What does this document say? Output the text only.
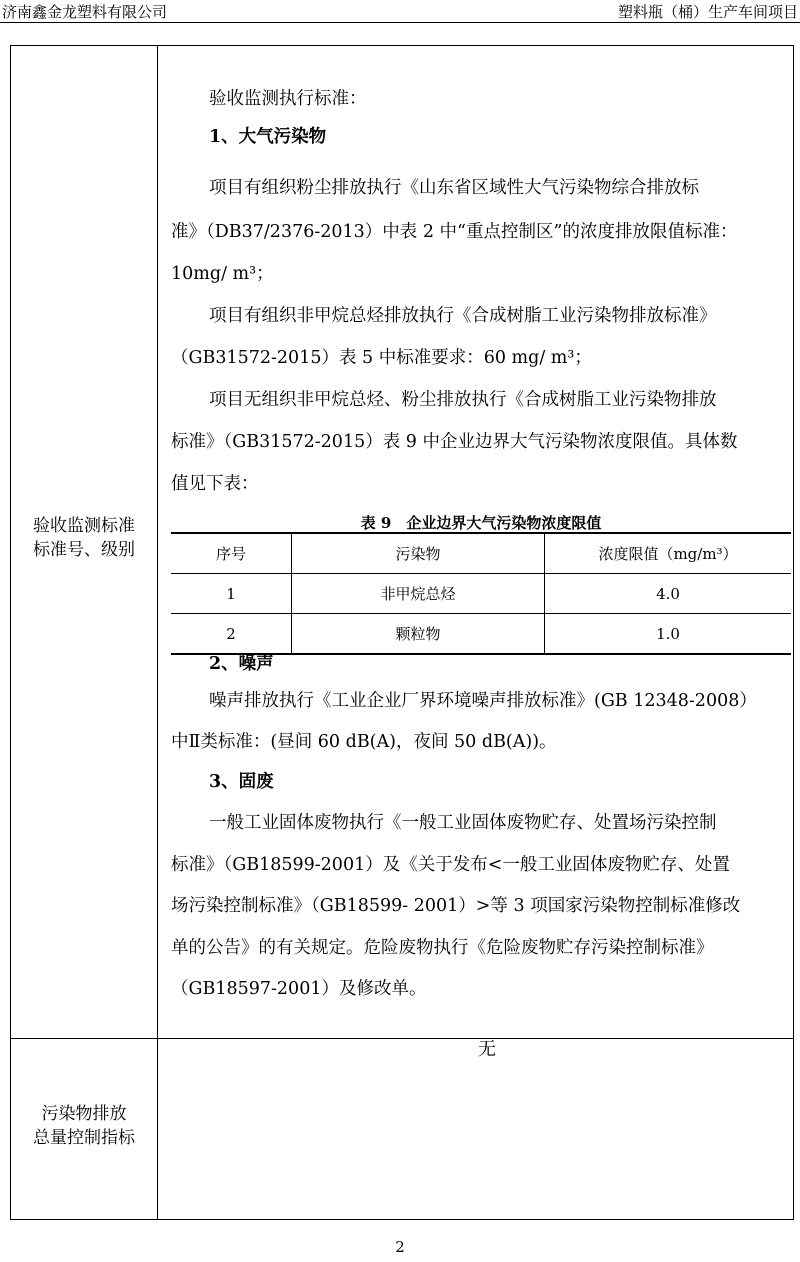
济南鑫金龙塑料有限公司	塑料瓶（桶）生产车间项目
验收监测标准
标准号、级别
污染物排放
总量控制指标
验收监测执行标准：
1、大气污染物
项目有组织粉尘排放执行《山东省区域性大气污染物综合排放标
准》（DB37/2376-2013）中表 2 中“重点控制区”的浓度排放限值标准：
10mg/ m³；
项目有组织非甲烷总烃排放执行《合成树脂工业污染物排放标准》
（GB31572-2015）表 5 中标准要求：60 mg/ m³；
项目无组织非甲烷总烃、粉尘排放执行《合成树脂工业污染物排放
标准》（GB31572-2015）表 9 中企业边界大气污染物浓度限值。具体数
值见下表：
表 9　企业边界大气污染物浓度限值
序号	污染物	浓度限值（mg/m³）
1	非甲烷总烃	4.0
2	颗粒物	1.0
2、噪声
噪声排放执行《工业企业厂界环境噪声排放标准》(GB 12348-2008）
中Ⅱ类标准：(昼间 60 dB(A)，夜间 50 dB(A))。
3、固废
一般工业固体废物执行《一般工业固体废物贮存、处置场污染控制
标准》（GB18599-2001）及《关于发布<一般工业固体废物贮存、处置
场污染控制标准》（GB18599- 2001）>等 3 项国家污染物控制标准修改
单的公告》的有关规定。危险废物执行《危险废物贮存污染控制标准》
（GB18597-2001）及修改单。
无
2
